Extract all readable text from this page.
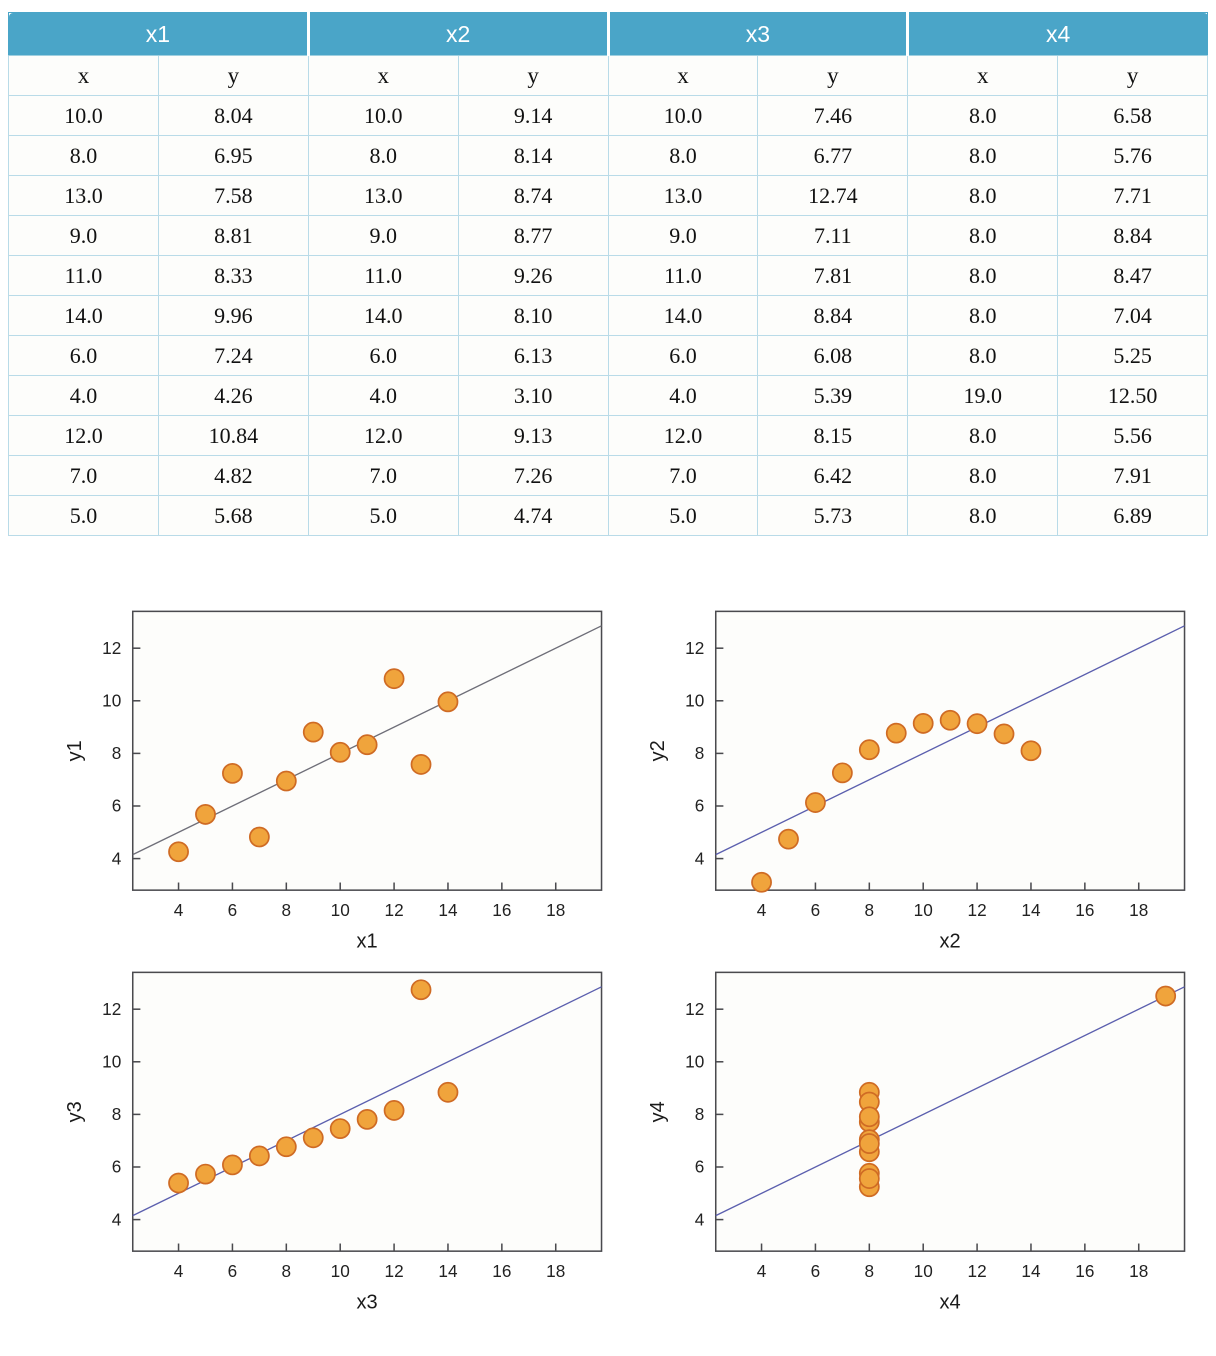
x1		x2		x3		x4	
x	y	x	y	x	y	x	y
10.0	8.04	10.0	9.14	10.0	7.46	8.0	6.58
8.0	6.95	8.0	8.14	8.0	6.77	8.0	5.76
13.0	7.58	13.0	8.74	13.0	12.74	8.0	7.71
9.0	8.81	9.0	8.77	9.0	7.11	8.0	8.84
11.0	8.33	11.0	9.26	11.0	7.81	8.0	8.47
14.0	9.96	14.0	8.10	14.0	8.84	8.0	7.04
6.0	7.24	6.0	6.13	6.0	6.08	8.0	5.25
4.0	4.26	4.0	3.10	4.0	5.39	19.0	12.50
12.0	10.84	12.0	9.13	12.0	8.15	8.0	5.56
7.0	4.82	7.0	7.26	7.0	6.42	8.0	7.91
5.0	5.68	5.0	4.74	5.0	5.73	8.0	6.89
4 6 8 10 12 14 16 18
4
6
8
10
12
x1
y1
4 6 8 10 12 14 16 18
4
6
8
10
12
x2
y2
4 6 8 10 12 14 16 18
4
6
8
10
12
x3
y3
4 6 8 10 12 14 16 18
4
6
8
10
12
x4
y4
